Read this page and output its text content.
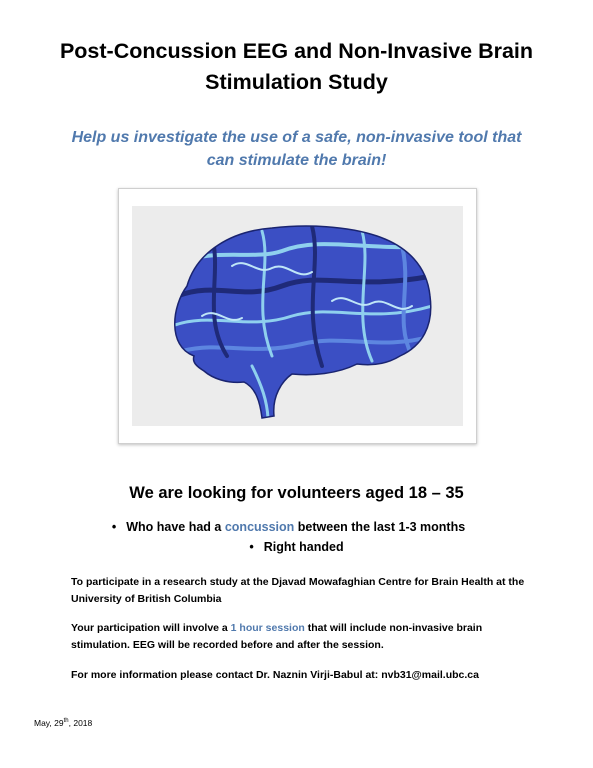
Post-Concussion EEG and Non-Invasive Brain
Stimulation Study

Help us investigate the use of a safe, non-invasive tool that
can stimulate the brain!

We are looking for volunteers aged 18 – 35
• Who have had a concussion between the last 1-3 months
• Right handed

To participate in a research study at the Djavad Mowafaghian Centre for Brain Health at the University of British Columbia

Your participation will involve a 1 hour session that will include non-invasive brain stimulation. EEG will be recorded before and after the session.

For more information please contact Dr. Naznin Virji-Babul at: nvb31@mail.ubc.ca

May, 29th, 2018
